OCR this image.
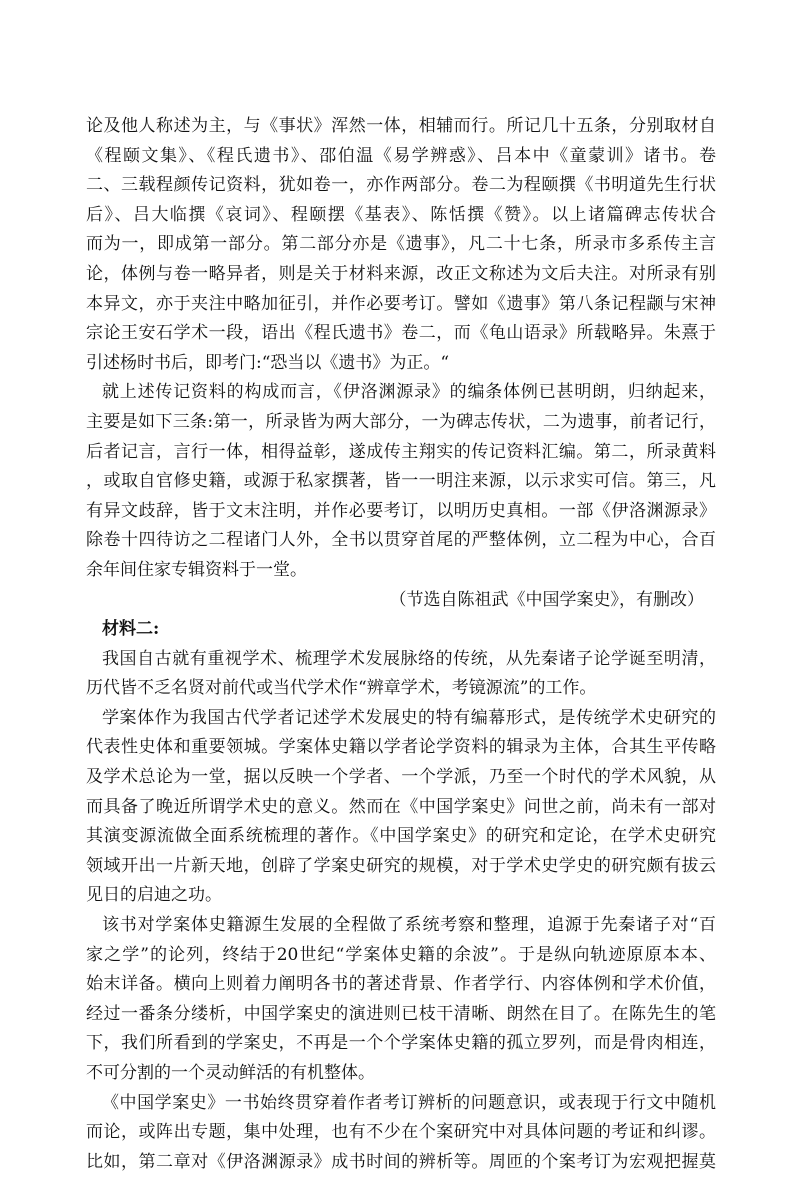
论及他人称述为主，与《事状》浑然一体，相辅而行。所记几十五条，分别取材自
《程颐文集》、《程氏遗书》、邵伯温《易学辨惑》、吕本中《童蒙训》诸书。卷
二、三载程颜传记资料，犹如卷一，亦作两部分。卷二为程颐撰《书明道先生行状
后》、吕大临撰《哀词》、程颐摆《基表》、陈恬撰《赞》。以上诸篇碑志传状合
而为一，即成第一部分。第二部分亦是《遗事》，凡二十七条，所录市多系传主言
论，体例与卷一略异者，则是关于材料来源，改正文称述为文后夫注。对所录有别
本异文，亦于夹注中略加征引，并作必要考订。譬如《遗事》第八条记程颛与宋神
宗论王安石学术一段，语出《程氏遗书》卷二，而《龟山语录》所载略异。朱熹于
引述杨时书后，即考门:“恐当以《遗书》为正。“
就上述传记资料的构成而言，《伊洛渊源录》的编条体例已甚明朗，归纳起来，
主要是如下三条:第一，所录皆为两大部分，一为碑志传状，二为遗事，前者记行，
后者记言，言行一体，相得益彰，遂成传主翔实的传记资料汇编。第二，所录黄料
，或取自官修史籍，或源于私家撰著，皆一一明注来源，以示求实可信。第三，凡
有异文歧辞，皆于文末注明，并作必要考订，以明历史真相。一部《伊洛渊源录》
除卷十四待访之二程诸门人外，全书以贯穿首尾的严整体例，立二程为中心，合百
余年间住家专辑资料于一堂。
（节选自陈祖武《中国学案史》，有删改）
材料二:
我国自古就有重视学术、梳理学术发展脉络的传统，从先秦诸子论学诞至明清，
历代皆不乏名贤对前代或当代学术作“辨章学术，考镜源流”的工作。
学案体作为我国古代学者记述学术发展史的特有编幕形式，是传统学术史研究的
代表性史体和重要领城。学案体史籍以学者论学资料的辑录为主体，合其生平传略
及学术总论为一堂，据以反映一个学者、一个学派，乃至一个时代的学术风貌，从
而具备了晚近所谓学术史的意义。然而在《中国学案史》问世之前，尚未有一部对
其演变源流做全面系统梳理的著作。《中国学案史》的研究和定论，在学术史研究
领域开出一片新天地，创辟了学案史研究的规模，对于学术史学史的研究颇有拔云
见日的启迪之功。
该书对学案体史籍源生发展的全程做了系统考察和整理，追源于先秦诸子对“百
家之学”的论列，终结于20世纪“学案体史籍的余波”。于是纵向轨迹原原本本、
始末详备。横向上则着力阐明各书的著述背景、作者学行、内容体例和学术价值，
经过一番条分缕析，中国学案史的演进则已枝干清晰、朗然在目了。在陈先生的笔
下，我们所看到的学案史，不再是一个个学案体史籍的孤立罗列，而是骨肉相连，
不可分割的一个灵动鲜活的有机整体。
《中国学案史》一书始终贯穿着作者考订辨析的问题意识，或表现于行文中随机
而论，或阵出专题，集中处理，也有不少在个案研究中对具体问题的考证和纠谬。
比如，第二章对《伊洛渊源录》成书时间的辨析等。周匝的个案考订为宏观把握莫
